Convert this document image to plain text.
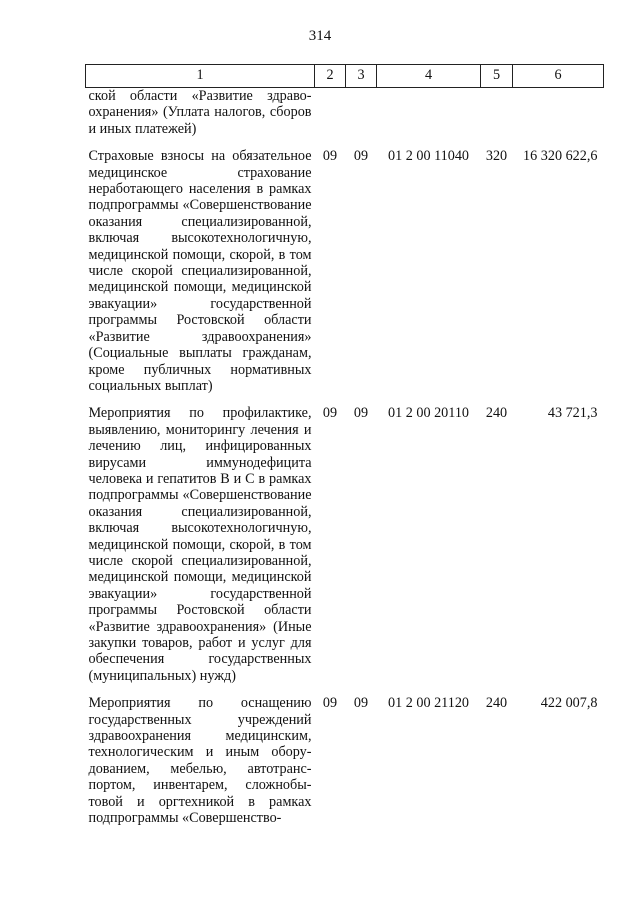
314
1	2	3	4	5	6
ской области «Развитие здравоохранения» (Уплата налогов, сборов и иных платежей)					
Страховые взносы на обязательное медицинское страхование неработающего населения в рамках подпрограммы «Совершенствование оказания специализированной, включая высокотехнологичную, медицинской помощи, скорой, в том числе скорой специализированной, медицинской помощи, медицинской эвакуации» государственной программы Ростовской области «Развитие здравоохранения» (Социальные выплаты гражданам, кроме публичных нормативных социальных выплат)	09	09	01 2 00 11040	320	16 320 622,6
Мероприятия по профилактике, выявлению, мониторингу лечения и лечению лиц, инфицированных вирусами иммунодефицита человека и гепатитов В и С в рамках подпрограммы «Совершенствование оказания специализированной, включая высокотехнологичную, медицинской помощи, скорой, в том числе скорой специализированной, медицинской помощи, медицинской эвакуации» государственной программы Ростовской области «Развитие здравоохранения» (Иные закупки товаров, работ и услуг для обеспечения государственных (муниципальных) нужд)	09	09	01 2 00 20110	240	43 721,3
Мероприятия по оснащению государственных учреждений здравоохранения медицинским, технологическим и иным оборудованием, мебелью, автотранспортом, инвентарем, сложнобытовой и оргтехникой в рамках подпрограммы «Совершенство-	09	09	01 2 00 21120	240	422 007,8
